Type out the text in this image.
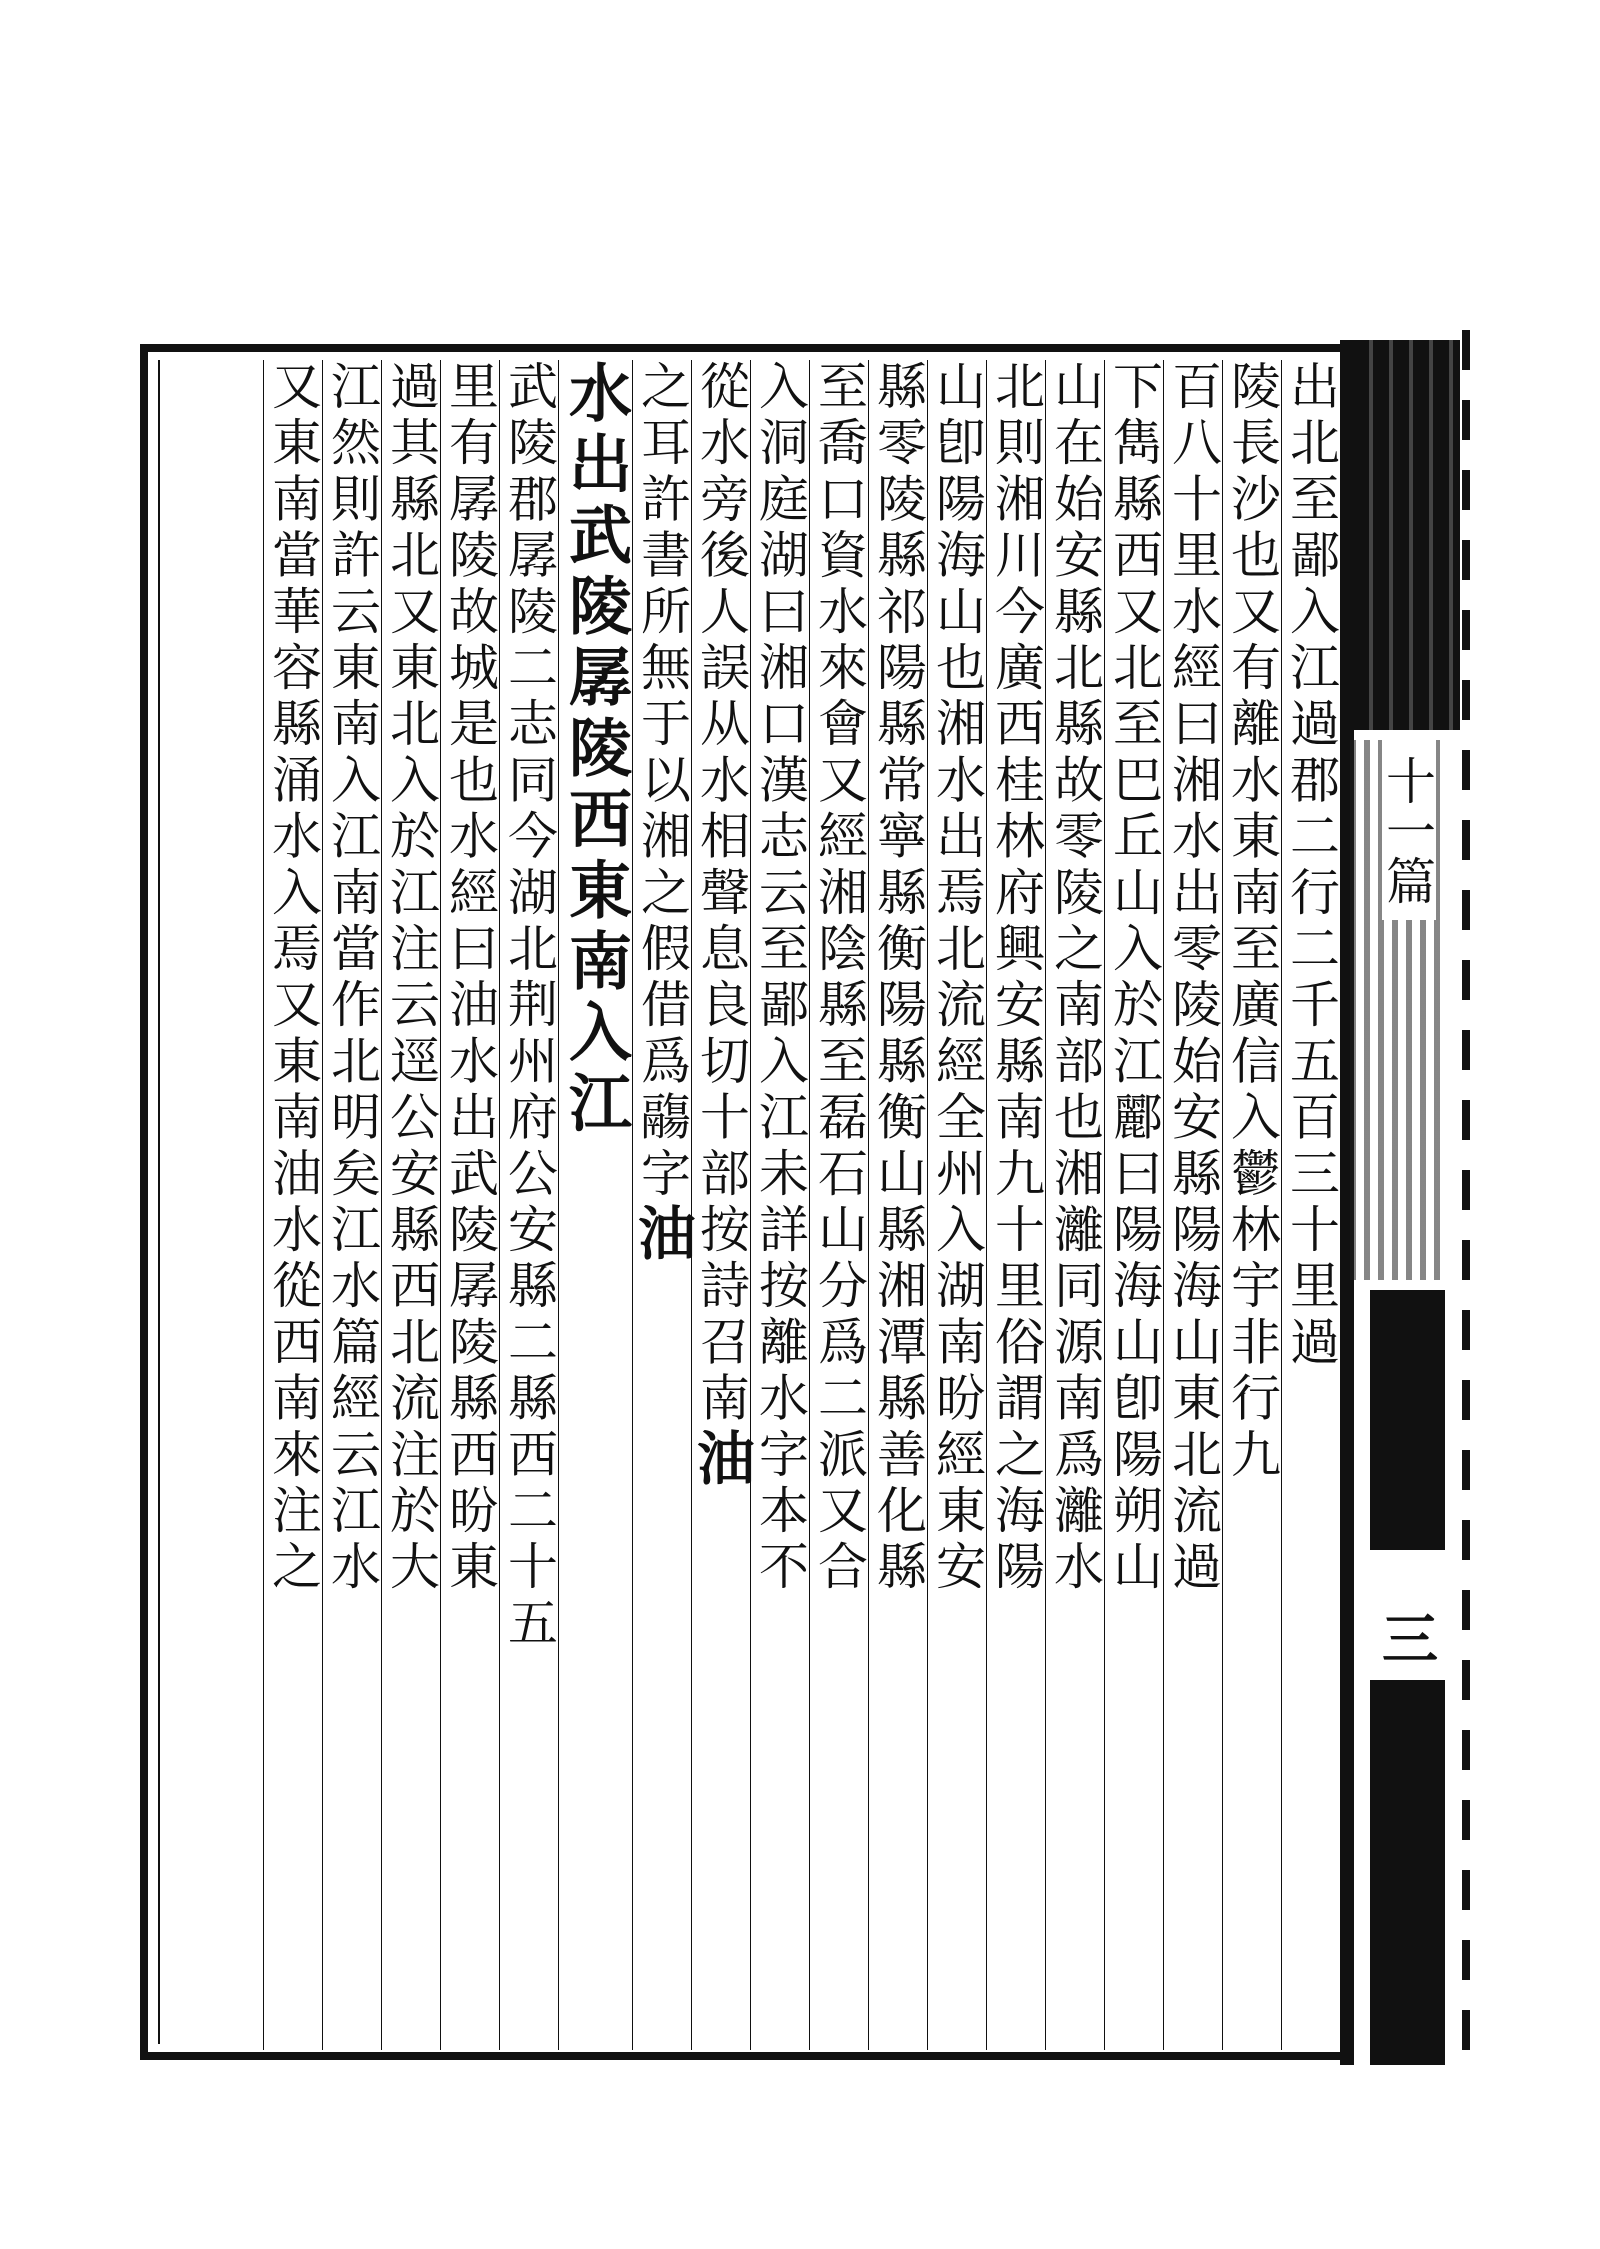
十一篇
三
出北至鄙入江過郡二行二千五百三十里過
陵長沙也又有離水東南至廣信入鬱林宇非行九
百八十里水經曰湘水出零陵始安縣陽海山東北流過
下雋縣西又北至巴丘山入於江酈曰陽海山卽陽朔山
山在始安縣北縣故零陵之南部也湘灕同源南爲灕水
北則湘川今廣西桂林府興安縣南九十里俗謂之海陽
山卽陽海山也湘水出焉北流經全州入湖南昐經東安
縣零陵縣祁陽縣常寧縣衡陽縣衡山縣湘潭縣善化縣
至喬口資水來會又經湘陰縣至磊石山分爲二派又合
入洞庭湖曰湘口漢志云至鄙入江未詳按離水字本不
從水旁後人誤从水相聲息良切十部按詩召南油
之耳許書所無于以湘之假借爲鬺字油
水出武陵孱陵西東南入江
武陵郡孱陵二志同今湖北荆州府公安縣二縣西二十五
里有孱陵故城是也水經曰油水出武陵孱陵縣西昐東
過其縣北又東北入於江注云逕公安縣西北流注於大
江然則許云東南入江南當作北明矣江水篇經云江水
又東南當華容縣涌水入焉又東南油水從西南來注之
